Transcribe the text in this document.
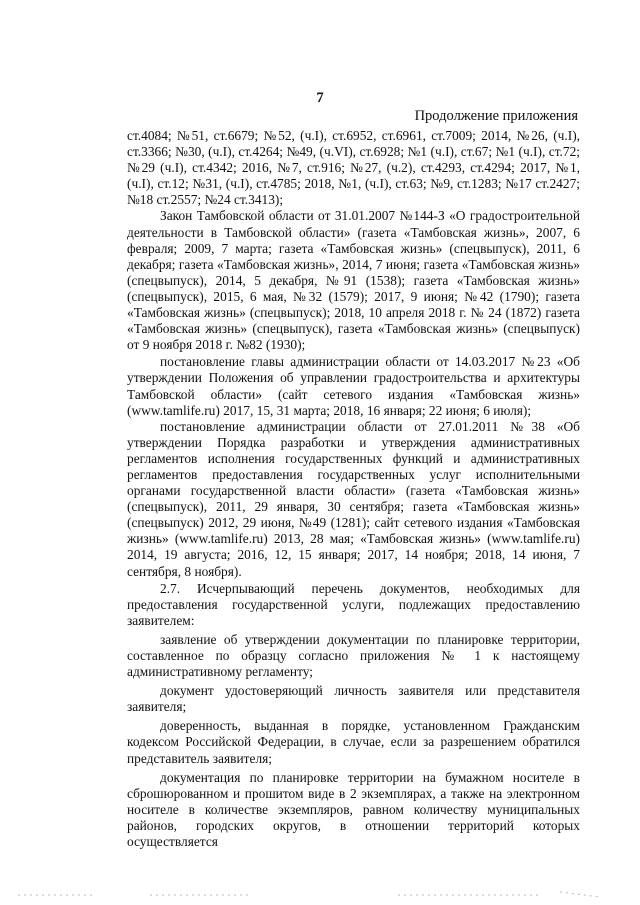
7
Продолжение приложения

ст.4084; №51, ст.6679; №52, (ч.I), ст.6952, ст.6961, ст.7009; 2014, №26, (ч.I), ст.3366; №30, (ч.I), ст.4264; №49, (ч.VI), ст.6928; №1 (ч.I), ст.67; №1 (ч.I), ст.72; №29 (ч.I), ст.4342; 2016, №7, ст.916; №27, (ч.2), ст.4293, ст.4294; 2017, №1, (ч.I), ст.12; №31, (ч.I), ст.4785; 2018, №1, (ч.I), ст.63; №9, ст.1283; №17 ст.2427; №18 ст.2557; №24 ст.3413);

Закон Тамбовской области от 31.01.2007 №144-З «О градостроительной деятельности в Тамбовской области» (газета «Тамбовская жизнь», 2007, 6 февраля; 2009, 7 марта; газета «Тамбовская жизнь» (спецвыпуск), 2011, 6 декабря; газета «Тамбовская жизнь», 2014, 7 июня; газета «Тамбовская жизнь» (спецвыпуск), 2014, 5 декабря, №91 (1538); газета «Тамбовская жизнь» (спецвыпуск), 2015, 6 мая, №32 (1579); 2017, 9 июня; №42 (1790); газета «Тамбовская жизнь» (спецвыпуск); 2018, 10 апреля 2018 г. № 24 (1872) газета «Тамбовская жизнь» (спецвыпуск), газета «Тамбовская жизнь» (спецвыпуск) от 9 ноября 2018 г. №82 (1930);

постановление главы администрации области от 14.03.2017 №23 «Об утверждении Положения об управлении градостроительства и архитектуры Тамбовской области» (сайт сетевого издания «Тамбовская жизнь» (www.tamlife.ru) 2017, 15, 31 марта; 2018, 16 января; 22 июня; 6 июля);

постановление администрации области от 27.01.2011 №38 «Об утверждении Порядка разработки и утверждения административных регламентов исполнения государственных функций и административных регламентов предоставления государственных услуг исполнительными органами государственной власти области» (газета «Тамбовская жизнь» (спецвыпуск), 2011, 29 января, 30 сентября; газета «Тамбовская жизнь» (спецвыпуск) 2012, 29 июня, №49 (1281); сайт сетевого издания «Тамбовская жизнь» (www.tamlife.ru) 2013, 28 мая; «Тамбовская жизнь» (www.tamlife.ru) 2014, 19 августа; 2016, 12, 15 января; 2017, 14 ноября; 2018, 14 июня, 7 сентября, 8 ноября).

2.7. Исчерпывающий перечень документов, необходимых для предоставления государственной услуги, подлежащих предоставлению заявителем:

заявление об утверждении документации по планировке территории, составленное по образцу согласно приложения № 1 к настоящему административному регламенту;

документ удостоверяющий личность заявителя или представителя заявителя;

доверенность, выданная в порядке, установленном Гражданским кодексом Российской Федерации, в случае, если за разрешением обратился представитель заявителя;

документация по планировке территории на бумажном носителе в сброшюрованном и прошитом виде в 2 экземплярах, а также на электронном носителе в количестве экземпляров, равном количеству муниципальных районов, городских округов, в отношении территорий которых осуществляется
